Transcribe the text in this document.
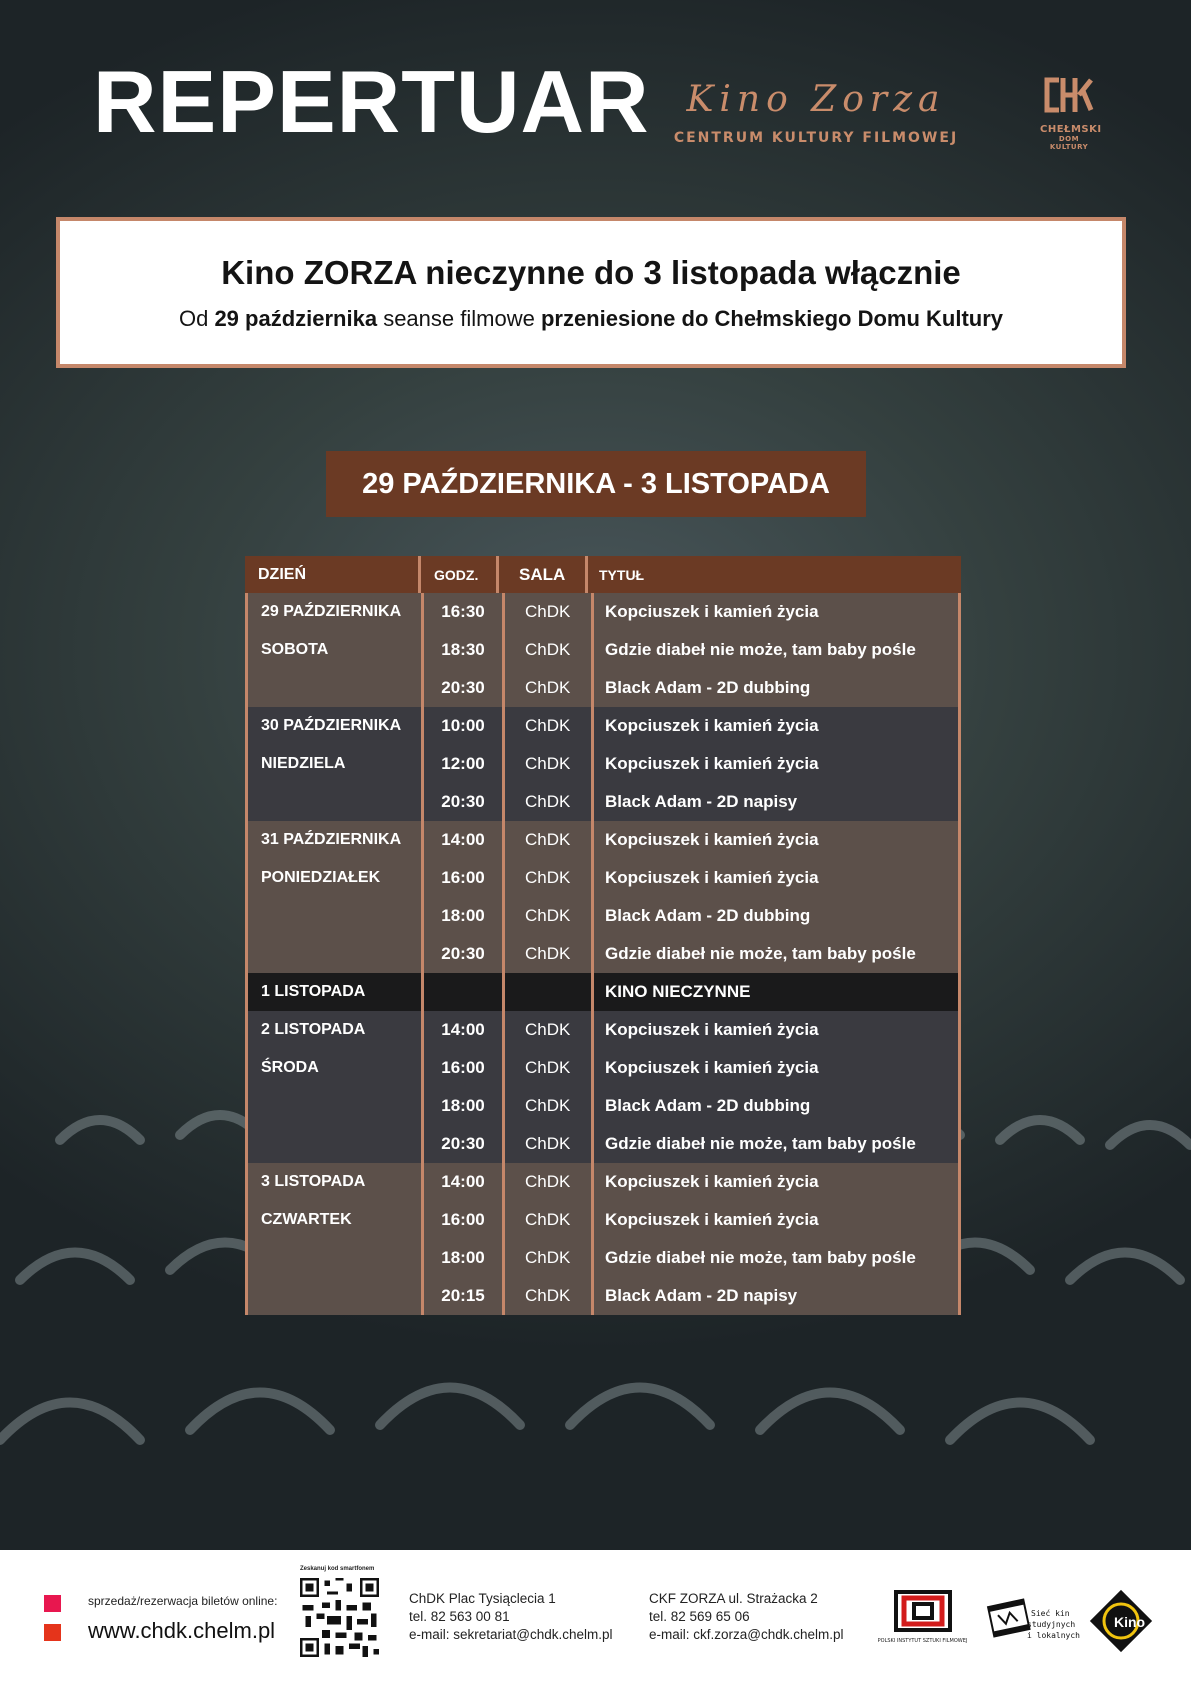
REPERTUAR	Kino Zorza
CENTRUM KULTURY FILMOWEJ
CHEŁMSKI
DOM KULTURY
Kino ZORZA nieczynne do 3 listopada włącznie
Od 29 października seanse filmowe przeniesione do Chełmskiego Domu Kultury
29 PAŹDZIERNIKA - 3 LISTOPADA
DZIEŃ	GODZ.	SALA	TYTUŁ
29 PAŹDZIERNIKA	16:30	ChDK	Kopciuszek i kamień życia
SOBOTA	18:30	ChDK	Gdzie diabeł nie może, tam baby pośle
20:30	ChDK	Black Adam - 2D dubbing
30 PAŹDZIERNIKA	10:00	ChDK	Kopciuszek i kamień życia
NIEDZIELA	12:00	ChDK	Kopciuszek i kamień życia
20:30	ChDK	Black Adam - 2D napisy
31 PAŹDZIERNIKA	14:00	ChDK	Kopciuszek i kamień życia
PONIEDZIAŁEK	16:00	ChDK	Kopciuszek i kamień życia
18:00	ChDK	Black Adam - 2D dubbing
20:30	ChDK	Gdzie diabeł nie może, tam baby pośle
1 LISTOPADA	KINO NIECZYNNE
2 LISTOPADA	14:00	ChDK	Kopciuszek i kamień życia
ŚRODA	16:00	ChDK	Kopciuszek i kamień życia
18:00	ChDK	Black Adam - 2D dubbing
20:30	ChDK	Gdzie diabeł nie może, tam baby pośle
3 LISTOPADA	14:00	ChDK	Kopciuszek i kamień życia
CZWARTEK	16:00	ChDK	Kopciuszek i kamień życia
18:00	ChDK	Gdzie diabeł nie może, tam baby pośle
20:15	ChDK	Black Adam - 2D napisy
sprzedaż/rezerwacja biletów online:
www.chdk.chelm.pl
Zeskanuj kod smartfonem
ChDK Plac Tysiąclecia 1
tel. 82 563 00 81
e-mail: sekretariat@chdk.chelm.pl
CKF ZORZA ul. Strażacka 2
tel. 82 569 65 06
e-mail: ckf.zorza@chdk.chelm.pl	POLSKI INSTYTUT SZTUKI FILMOWEJ
Sieć kin
studyjnych
i lokalnych
Kino
